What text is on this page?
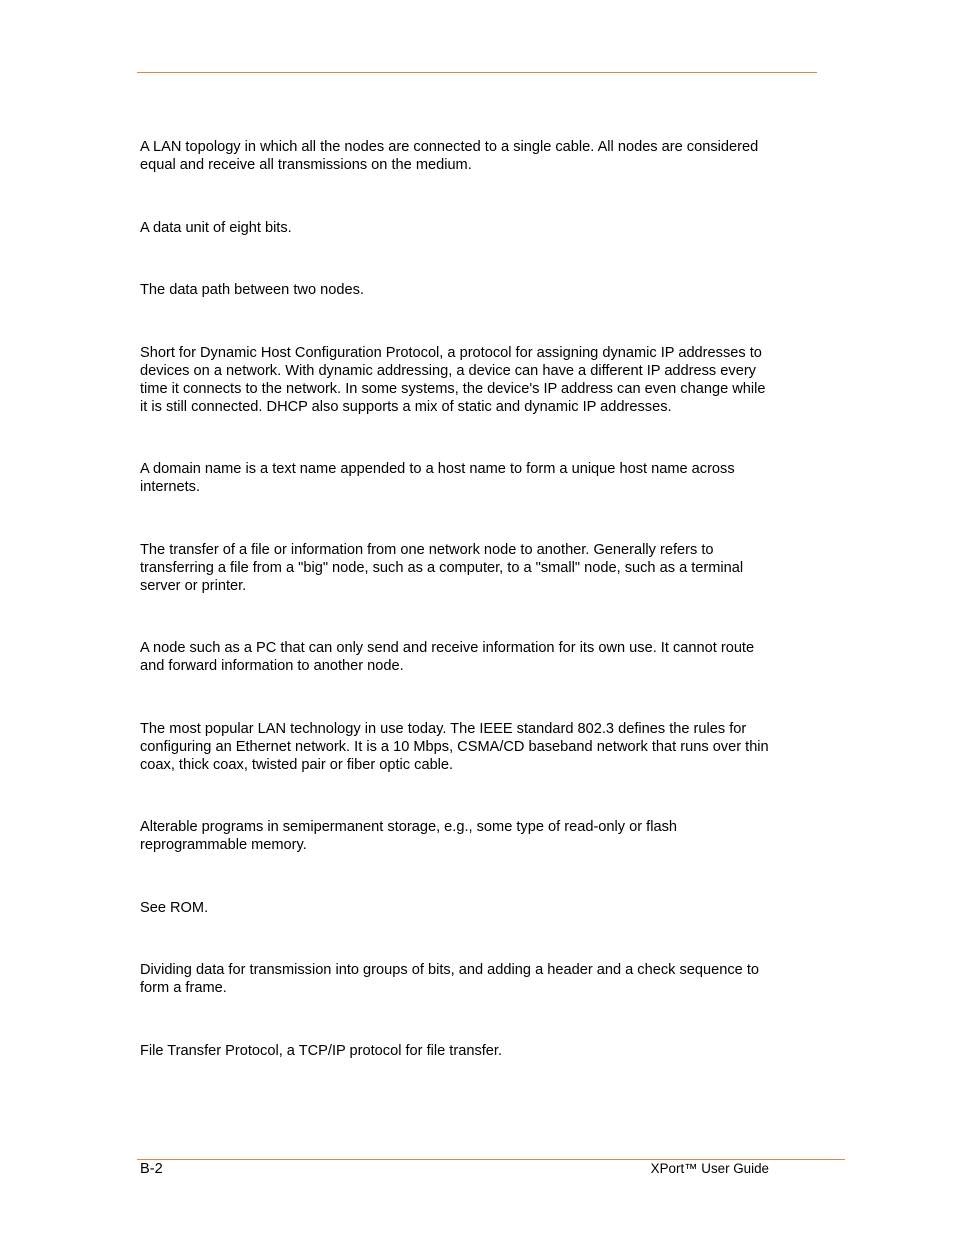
A LAN topology in which all the nodes are connected to a single cable. All nodes are considered
equal and receive all transmissions on the medium.
A data unit of eight bits.
The data path between two nodes.
Short for Dynamic Host Configuration Protocol, a protocol for assigning dynamic IP addresses to
devices on a network. With dynamic addressing, a device can have a different IP address every
time it connects to the network. In some systems, the device's IP address can even change while
it is still connected. DHCP also supports a mix of static and dynamic IP addresses.
A domain name is a text name appended to a host name to form a unique host name across
internets.
The transfer of a file or information from one network node to another. Generally refers to
transferring a file from a "big" node, such as a computer, to a "small" node, such as a terminal
server or printer.
A node such as a PC that can only send and receive information for its own use. It cannot route
and forward information to another node.
The most popular LAN technology in use today. The IEEE standard 802.3 defines the rules for
configuring an Ethernet network. It is a 10 Mbps, CSMA/CD baseband network that runs over thin
coax, thick coax, twisted pair or fiber optic cable.
Alterable programs in semipermanent storage, e.g., some type of read-only or flash
reprogrammable memory.
See ROM.
Dividing data for transmission into groups of bits, and adding a header and a check sequence to
form a frame.
File Transfer Protocol, a TCP/IP protocol for file transfer.
B-2	XPort™ User Guide
